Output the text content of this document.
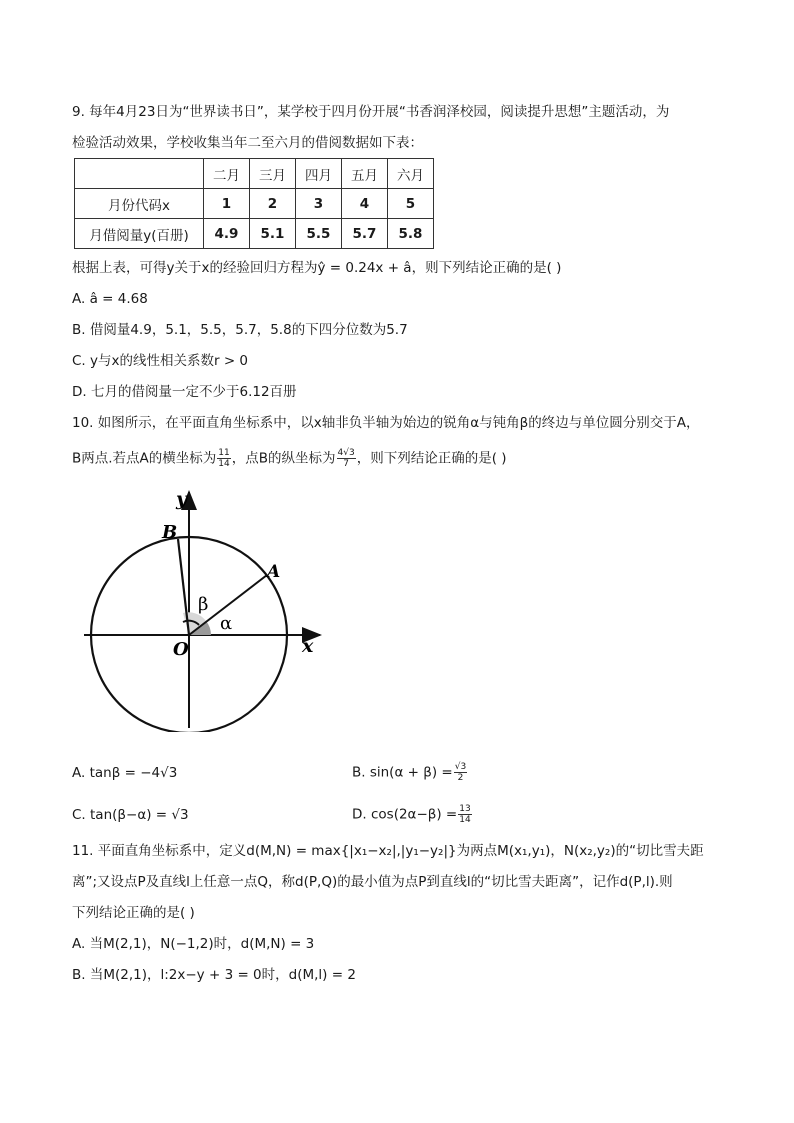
9. 每年4月23日为“世界读书日”，某学校于四月份开展“书香润泽校园，阅读提升思想”主题活动，为
检验活动效果，学校收集当年二至六月的借阅数据如下表：
	二月	三月	四月	五月	六月
月份代码x	1	2	3	4	5
月借阅量y(百册)	4.9	5.1	5.5	5.7	5.8
根据上表，可得y关于x的经验回归方程为ŷ = 0.24x + â，则下列结论正确的是( )
A. â = 4.68
B. 借阅量4.9，5.1，5.5，5.7，5.8的下四分位数为5.7
C. y与x的线性相关系数r > 0
D. 七月的借阅量一定不少于6.12百册
10. 如图所示，在平面直角坐标系中，以x轴非负半轴为始边的锐角α与钝角β的终边与单位圆分别交于A，
B两点.若点A的横坐标为 $\frac{11}{14}$ ，点B的纵坐标为 $\frac{4√3}{7}$ ，则下列结论正确的是( )
y
x
O
A
B
α
β
A. tanβ = −4√3	B. $\sin(\alpha + \beta) = \frac{√3}{2}$
C. tan(β−α) = √3	D. $\cos(2\alpha-\beta) = \frac{13}{14}$
11. 平面直角坐标系中，定义d(M,N) = max{|x₁−x₂|,|y₁−y₂|}为两点M(x₁,y₁)，N(x₂,y₂)的“切比雪夫距
离”;又设点P及直线l上任意一点Q，称d(P,Q)的最小值为点P到直线l的“切比雪夫距离”，记作d(P,l).则
下列结论正确的是( )
A. 当M(2,1)，N(−1,2)时，d(M,N) = 3
B. 当M(2,1)，l:2x−y + 3 = 0时，d(M,l) = 2
